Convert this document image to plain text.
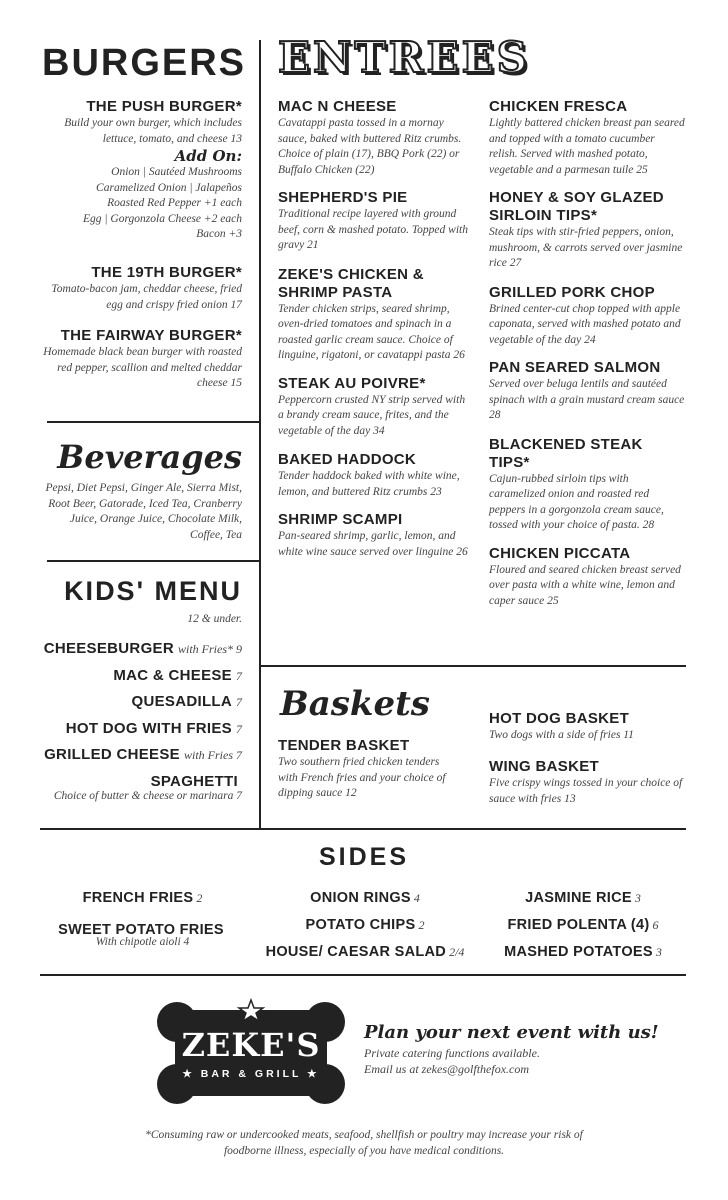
BURGERS
THE PUSH BURGER*
Build your own burger, which includes lettuce, tomato, and cheese 13
Add On:
Onion | Sautéed Mushrooms
Caramelized Onion | Jalapeños
Roasted Red Pepper +1 each
Egg | Gorgonzola Cheese +2 each
Bacon +3
THE 19TH BURGER*
Tomato-bacon jam, cheddar cheese, fried egg and crispy fried onion 17
THE FAIRWAY BURGER*
Homemade black bean burger with roasted red pepper, scallion and melted cheddar cheese 15
Beverages
Pepsi, Diet Pepsi, Ginger Ale, Sierra Mist, Root Beer, Gatorade, Iced Tea, Cranberry Juice, Orange Juice, Chocolate Milk, Coffee, Tea
KIDS' MENU
12 & under.
CHEESEBURGER with Fries* 9
MAC & CHEESE 7
QUESADILLA 7
HOT DOG WITH FRIES 7
GRILLED CHEESE with Fries 7
SPAGHETTI
Choice of butter & cheese or marinara 7
ENTREES
MAC N CHEESE
Cavatappi pasta tossed in a mornay sauce, baked with buttered Ritz crumbs. Choice of plain (17), BBQ Pork (22) or Buffalo Chicken (22)
SHEPHERD'S PIE
Traditional recipe layered with ground beef, corn & mashed potato. Topped with gravy 21
ZEKE'S CHICKEN & SHRIMP PASTA
Tender chicken strips, seared shrimp, oven-dried tomatoes and spinach in a roasted garlic cream sauce. Choice of linguine, rigatoni, or cavatappi pasta 26
STEAK AU POIVRE*
Peppercorn crusted NY strip served with a brandy cream sauce, frites, and the vegetable of the day 34
BAKED HADDOCK
Tender haddock baked with white wine, lemon, and buttered Ritz crumbs 23
SHRIMP SCAMPI
Pan-seared shrimp, garlic, lemon, and white wine sauce served over linguine 26
CHICKEN FRESCA
Lightly battered chicken breast pan seared and topped with a tomato cucumber relish. Served with mashed potato, vegetable and a parmesan tuile 25
HONEY & SOY GLAZED SIRLOIN TIPS*
Steak tips with stir-fried peppers, onion, mushroom, & carrots served over jasmine rice 27
GRILLED PORK CHOP
Brined center-cut chop topped with apple caponata, served with mashed potato and vegetable of the day 24
PAN SEARED SALMON
Served over beluga lentils and sautéed spinach with a grain mustard cream sauce 28
BLACKENED STEAK TIPS*
Cajun-rubbed sirloin tips with caramelized onion and roasted red peppers in a gorgonzola cream sauce, tossed with your choice of pasta. 28
CHICKEN PICCATA
Floured and seared chicken breast served over pasta with a white wine, lemon and caper sauce 25
Baskets
TENDER BASKET
Two southern fried chicken tenders with French fries and your choice of dipping sauce 12
HOT DOG BASKET
Two dogs with a side of fries 11
WING BASKET
Five crispy wings tossed in your choice of sauce with fries 13
SIDES
FRENCH FRIES 2
SWEET POTATO FRIES
With chipotle aioli 4
ONION RINGS 4
POTATO CHIPS 2
HOUSE/ CAESAR SALAD 2/4
JASMINE RICE 3
FRIED POLENTA (4) 6
MASHED POTATOES 3
ZEKE'S
★ BAR & GRILL ★
Plan your next event with us!
Private catering functions available.
Email us at zekes@golfthefox.com
*Consuming raw or undercooked meats, seafood, shellfish or poultry may increase your risk of foodborne illness, especially of you have medical conditions.
